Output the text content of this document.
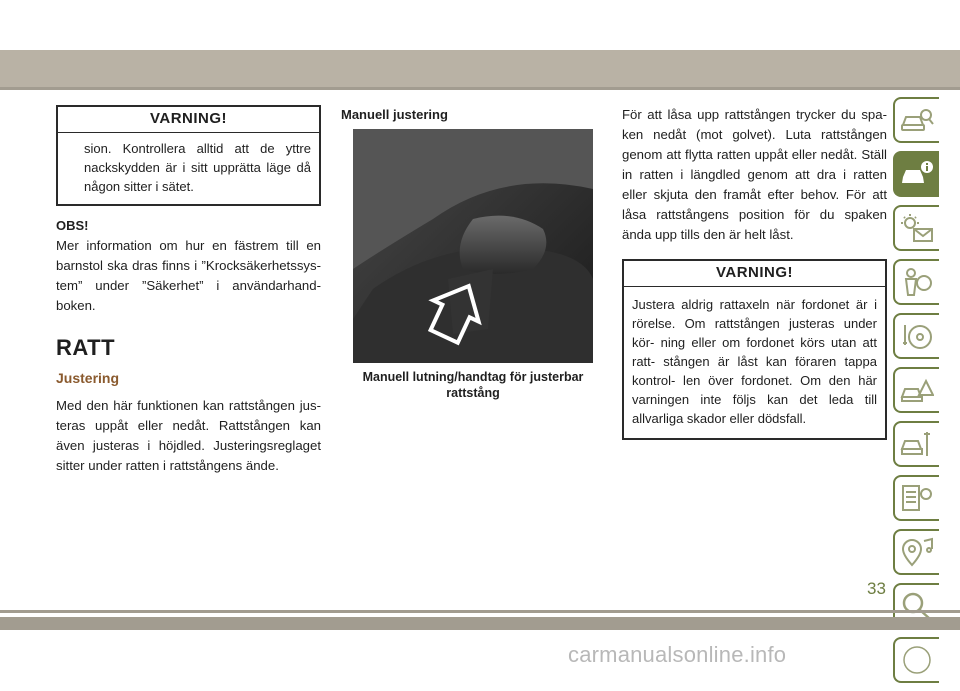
VARNING!
sion. Kontrollera alltid att de yttre nackskydden är i sitt upprätta läge då någon sitter i sätet.
OBS!

Mer information om hur en fästrem till en barnstol ska dras finns i ”Krocksäkerhetssys- tem” under ”Säkerhet” i användarhand- boken.

RATT
Justering

Med den här funktionen kan rattstången jus- teras uppåt eller nedåt. Rattstången kan även justeras i höjdled. Justeringsreglaget sitter under ratten i rattstångens ände.

Manuell justering
Manuell lutning/handtag för justerbar rattstång

För att låsa upp rattstången trycker du spa- ken nedåt (mot golvet). Luta rattstången genom att flytta ratten uppåt eller nedåt. Ställ in ratten i längdled genom att dra i ratten eller skjuta den framåt efter behov. För att låsa rattstångens position för du spaken ända upp tills den är helt låst.

VARNING!
Justera aldrig rattaxeln när fordonet är i rörelse. Om rattstången justeras under kör- ning eller om fordonet körs utan att ratt- stången är låst kan föraren tappa kontrol- len över fordonet. Om den här varningen inte följs kan det leda till allvarliga skador eller dödsfall.
33
carmanualsonline.info
